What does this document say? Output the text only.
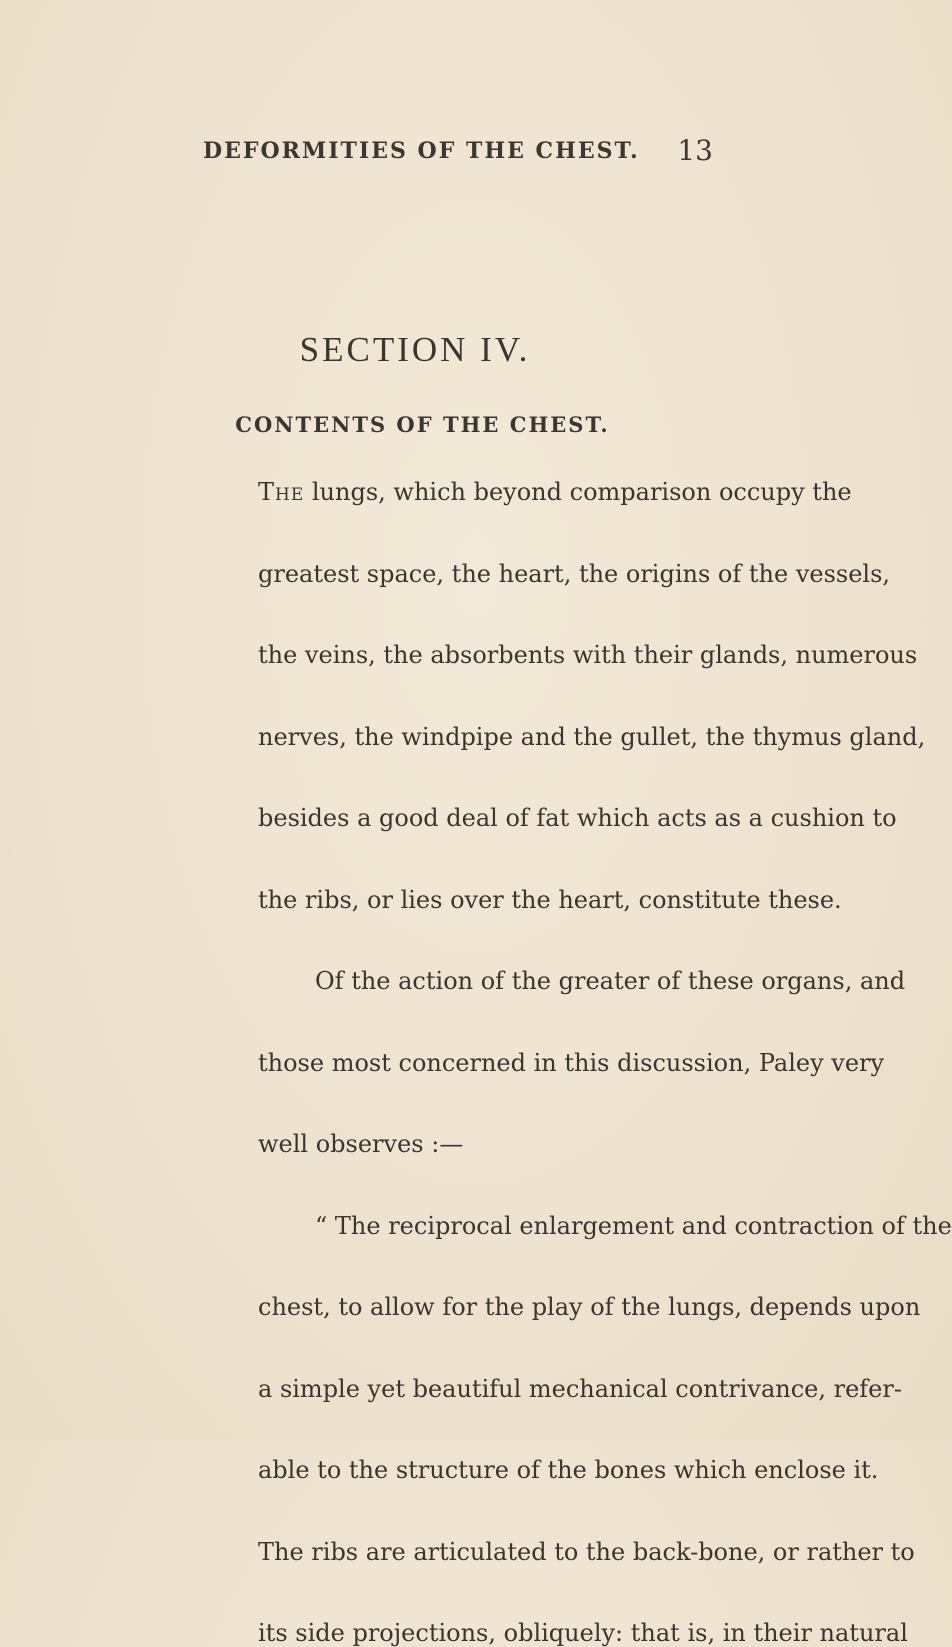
DEFORMITIES OF THE CHEST. 13
SECTION IV.
CONTENTS OF THE CHEST.
The lungs, which beyond comparison occupy the
greatest space, the heart, the origins of the vessels,
the veins, the absorbents with their glands, numerous
nerves, the windpipe and the gullet, the thymus gland,
besides a good deal of fat which acts as a cushion to
the ribs, or lies over the heart, constitute these.
Of the action of the greater of these organs, and
those most concerned in this discussion, Paley very
well observes :—
“ The reciprocal enlargement and contraction of the
chest, to allow for the play of the lungs, depends upon
a simple yet beautiful mechanical contrivance, refer-
able to the structure of the bones which enclose it.
The ribs are articulated to the back-bone, or rather to
its side projections, obliquely: that is, in their natural
